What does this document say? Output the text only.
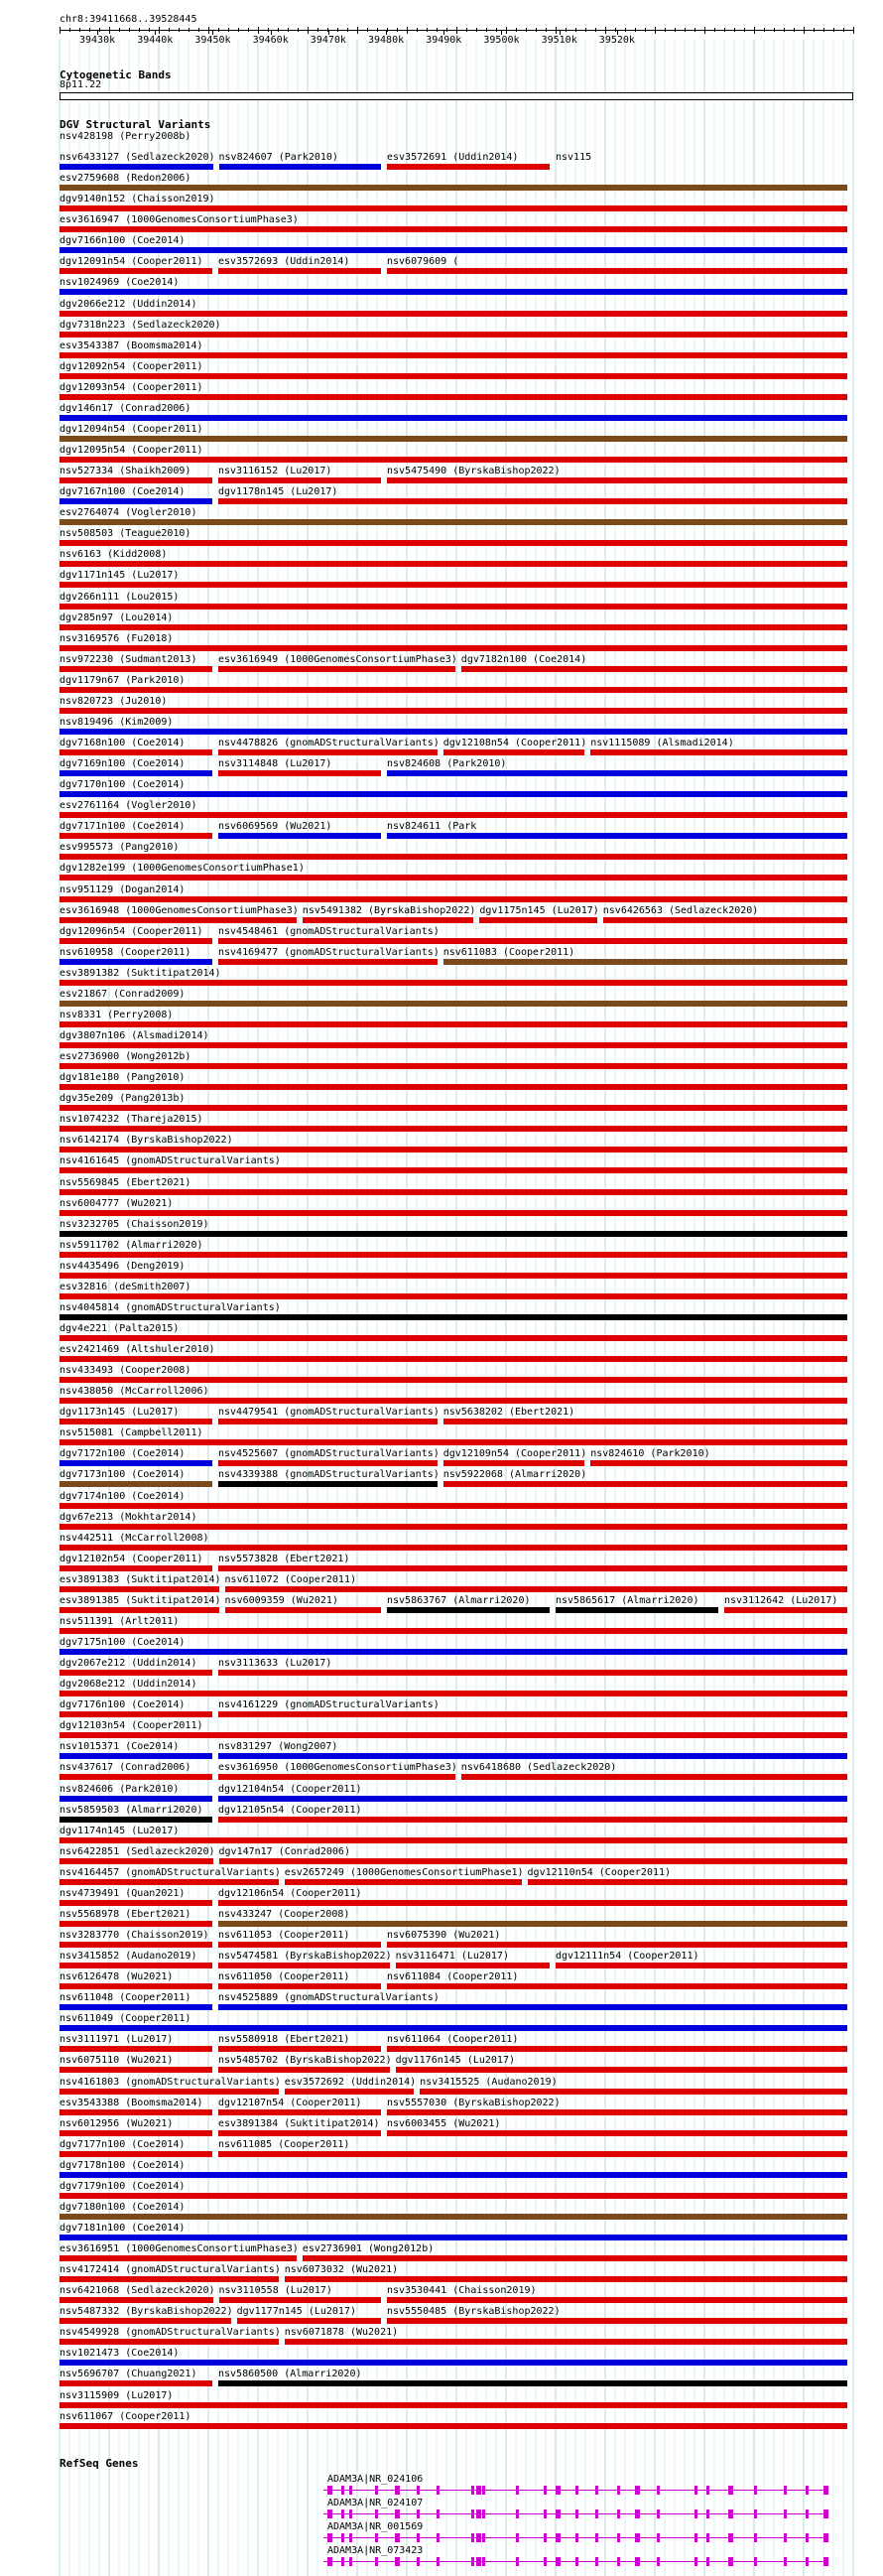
chr8:39411668..39528445
39430k 39440k 39450k 39460k 39470k 39480k 39490k 39500k 39510k 39520k
Cytogenetic Bands
8p11.22
DGV Structural Variants
nsv428198 (Perry2008b)
nsv6433127 (Sedlazeck2020) nsv824607 (Park2010)	esv3572691 (Uddin2014)	nsv115
esv2759608 (Redon2006)
dgv9140n152 (Chaisson2019)
esv3616947 (1000GenomesConsortiumPhase3)
dgv7166n100 (Coe2014)
dgv12091n54 (Cooper2011) esv3572693 (Uddin2014)	nsv6079609 (
nsv1024969 (Coe2014)
dgv2066e212 (Uddin2014)
dgv7318n223 (Sedlazeck2020)
esv3543387 (Boomsma2014)
dgv12092n54 (Cooper2011)
dgv12093n54 (Cooper2011)
dgv146n17 (Conrad2006)
dgv12094n54 (Cooper2011)
dgv12095n54 (Cooper2011)
nsv527334 (Shaikh2009)	nsv3116152 (Lu2017)	nsv5475490 (ByrskaBishop2022)
dgv7167n100 (Coe2014)	dgv1178n145 (Lu2017)
esv2764074 (Vogler2010)
nsv508503 (Teague2010)
nsv6163 (Kidd2008)
dgv1171n145 (Lu2017)
dgv266n111 (Lou2015)
dgv285n97 (Lou2014)
nsv3169576 (Fu2018)
nsv972230 (Sudmant2013) esv3616949 (1000GenomesConsortiumPhase3) dgv7182n100 (Coe2014)
dgv1179n67 (Park2010)
nsv820723 (Ju2010)
nsv819496 (Kim2009)
dgv7168n100 (Coe2014)	nsv4478826 (gnomADStructuralVariants) dgv12108n54 (Cooper2011) nsv1115089 (Alsmadi2014)
dgv7169n100 (Coe2014)	nsv3114848 (Lu2017)	nsv824608 (Park2010)
dgv7170n100 (Coe2014)
esv2761164 (Vogler2010)
dgv7171n100 (Coe2014)	nsv6069569 (Wu2021)	nsv824611 (Park
esv995573 (Pang2010)
dgv1282e199 (1000GenomesConsortiumPhase1)
nsv951129 (Dogan2014)
esv3616948 (1000GenomesConsortiumPhase3) nsv5491382 (ByrskaBishop2022) dgv1175n145 (Lu2017) nsv6426563 (Sedlazeck2020)
dgv12096n54 (Cooper2011) nsv4548461 (gnomADStructuralVariants)
nsv610958 (Cooper2011)	nsv4169477 (gnomADStructuralVariants) nsv611083 (Cooper2011)
esv3891382 (Suktitipat2014)
esv21867 (Conrad2009)
nsv8331 (Perry2008)
dgv3807n106 (Alsmadi2014)
esv2736900 (Wong2012b)
dgv181e180 (Pang2010)
dgv35e209 (Pang2013b)
nsv1074232 (Thareja2015)
nsv6142174 (ByrskaBishop2022)
nsv4161645 (gnomADStructuralVariants)
nsv5569845 (Ebert2021)
nsv6004777 (Wu2021)
nsv3232705 (Chaisson2019)
nsv5911702 (Almarri2020)
nsv4435496 (Deng2019)
esv32816 (deSmith2007)
nsv4045814 (gnomADStructuralVariants)
dgv4e221 (Palta2015)
esv2421469 (Altshuler2010)
nsv433493 (Cooper2008)
nsv438050 (McCarroll2006)
dgv1173n145 (Lu2017)	nsv4479541 (gnomADStructuralVariants) nsv5638202 (Ebert2021)
nsv515081 (Campbell2011)
dgv7172n100 (Coe2014)	nsv4525607 (gnomADStructuralVariants) dgv12109n54 (Cooper2011) nsv824610 (Park2010)
dgv7173n100 (Coe2014)	nsv4339388 (gnomADStructuralVariants) nsv5922068 (Almarri2020)
dgv7174n100 (Coe2014)
dgv67e213 (Mokhtar2014)
nsv442511 (McCarroll2008)
dgv12102n54 (Cooper2011) nsv5573828 (Ebert2021)
esv3891383 (Suktitipat2014) nsv611072 (Cooper2011)
esv3891385 (Suktitipat2014) nsv6009359 (Wu2021)	nsv5863767 (Almarri2020)	nsv5865617 (Almarri2020)	nsv3112642 (Lu2017)
nsv511391 (Arlt2011)
dgv7175n100 (Coe2014)
dgv2067e212 (Uddin2014) nsv3113633 (Lu2017)
dgv2068e212 (Uddin2014)
dgv7176n100 (Coe2014)	nsv4161229 (gnomADStructuralVariants)
dgv12103n54 (Cooper2011)
nsv1015371 (Coe2014)	nsv831297 (Wong2007)
nsv437617 (Conrad2006)	esv3616950 (1000GenomesConsortiumPhase3) nsv6418680 (Sedlazeck2020)
nsv824606 (Park2010)	dgv12104n54 (Cooper2011)
nsv5859503 (Almarri2020) dgv12105n54 (Cooper2011)
dgv1174n145 (Lu2017)
nsv6422851 (Sedlazeck2020) dgv147n17 (Conrad2006)
nsv4164457 (gnomADStructuralVariants) esv2657249 (1000GenomesConsortiumPhase1) dgv12110n54 (Cooper2011)
nsv4739491 (Quan2021)	dgv12106n54 (Cooper2011)
nsv5568978 (Ebert2021)	nsv433247 (Cooper2008)
nsv3283770 (Chaisson2019) nsv611053 (Cooper2011)	nsv6075390 (Wu2021)
nsv3415852 (Audano2019) nsv5474581 (ByrskaBishop2022) nsv3116471 (Lu2017)	dgv12111n54 (Cooper2011)
nsv6126478 (Wu2021)	nsv611050 (Cooper2011)	nsv611084 (Cooper2011)
nsv611048 (Cooper2011)	nsv4525889 (gnomADStructuralVariants)
nsv611049 (Cooper2011)
nsv3111971 (Lu2017)	nsv5580918 (Ebert2021)	nsv611064 (Cooper2011)
nsv6075110 (Wu2021)	nsv5485702 (ByrskaBishop2022) dgv1176n145 (Lu2017)
nsv4161803 (gnomADStructuralVariants) esv3572692 (Uddin2014) nsv3415525 (Audano2019)
esv3543388 (Boomsma2014) dgv12107n54 (Cooper2011)	nsv5557030 (ByrskaBishop2022)
nsv6012956 (Wu2021)	esv3891384 (Suktitipat2014) nsv6003455 (Wu2021)
dgv7177n100 (Coe2014)	nsv611085 (Cooper2011)
dgv7178n100 (Coe2014)
dgv7179n100 (Coe2014)
dgv7180n100 (Coe2014)
dgv7181n100 (Coe2014)
esv3616951 (1000GenomesConsortiumPhase3) esv2736901 (Wong2012b)
nsv4172414 (gnomADStructuralVariants) nsv6073032 (Wu2021)
nsv6421068 (Sedlazeck2020) nsv3110558 (Lu2017)	nsv3530441 (Chaisson2019)
nsv5487332 (ByrskaBishop2022) dgv1177n145 (Lu2017)	nsv5550485 (ByrskaBishop2022)
nsv4549928 (gnomADStructuralVariants) nsv6071878 (Wu2021)
nsv1021473 (Coe2014)
nsv5696707 (Chuang2021) nsv5860500 (Almarri2020)
nsv3115909 (Lu2017)
nsv611067 (Cooper2011)
RefSeq Genes
ADAM3A|NR_024106
ADAM3A|NR_024107
ADAM3A|NR_001569
ADAM3A|NR_073423
